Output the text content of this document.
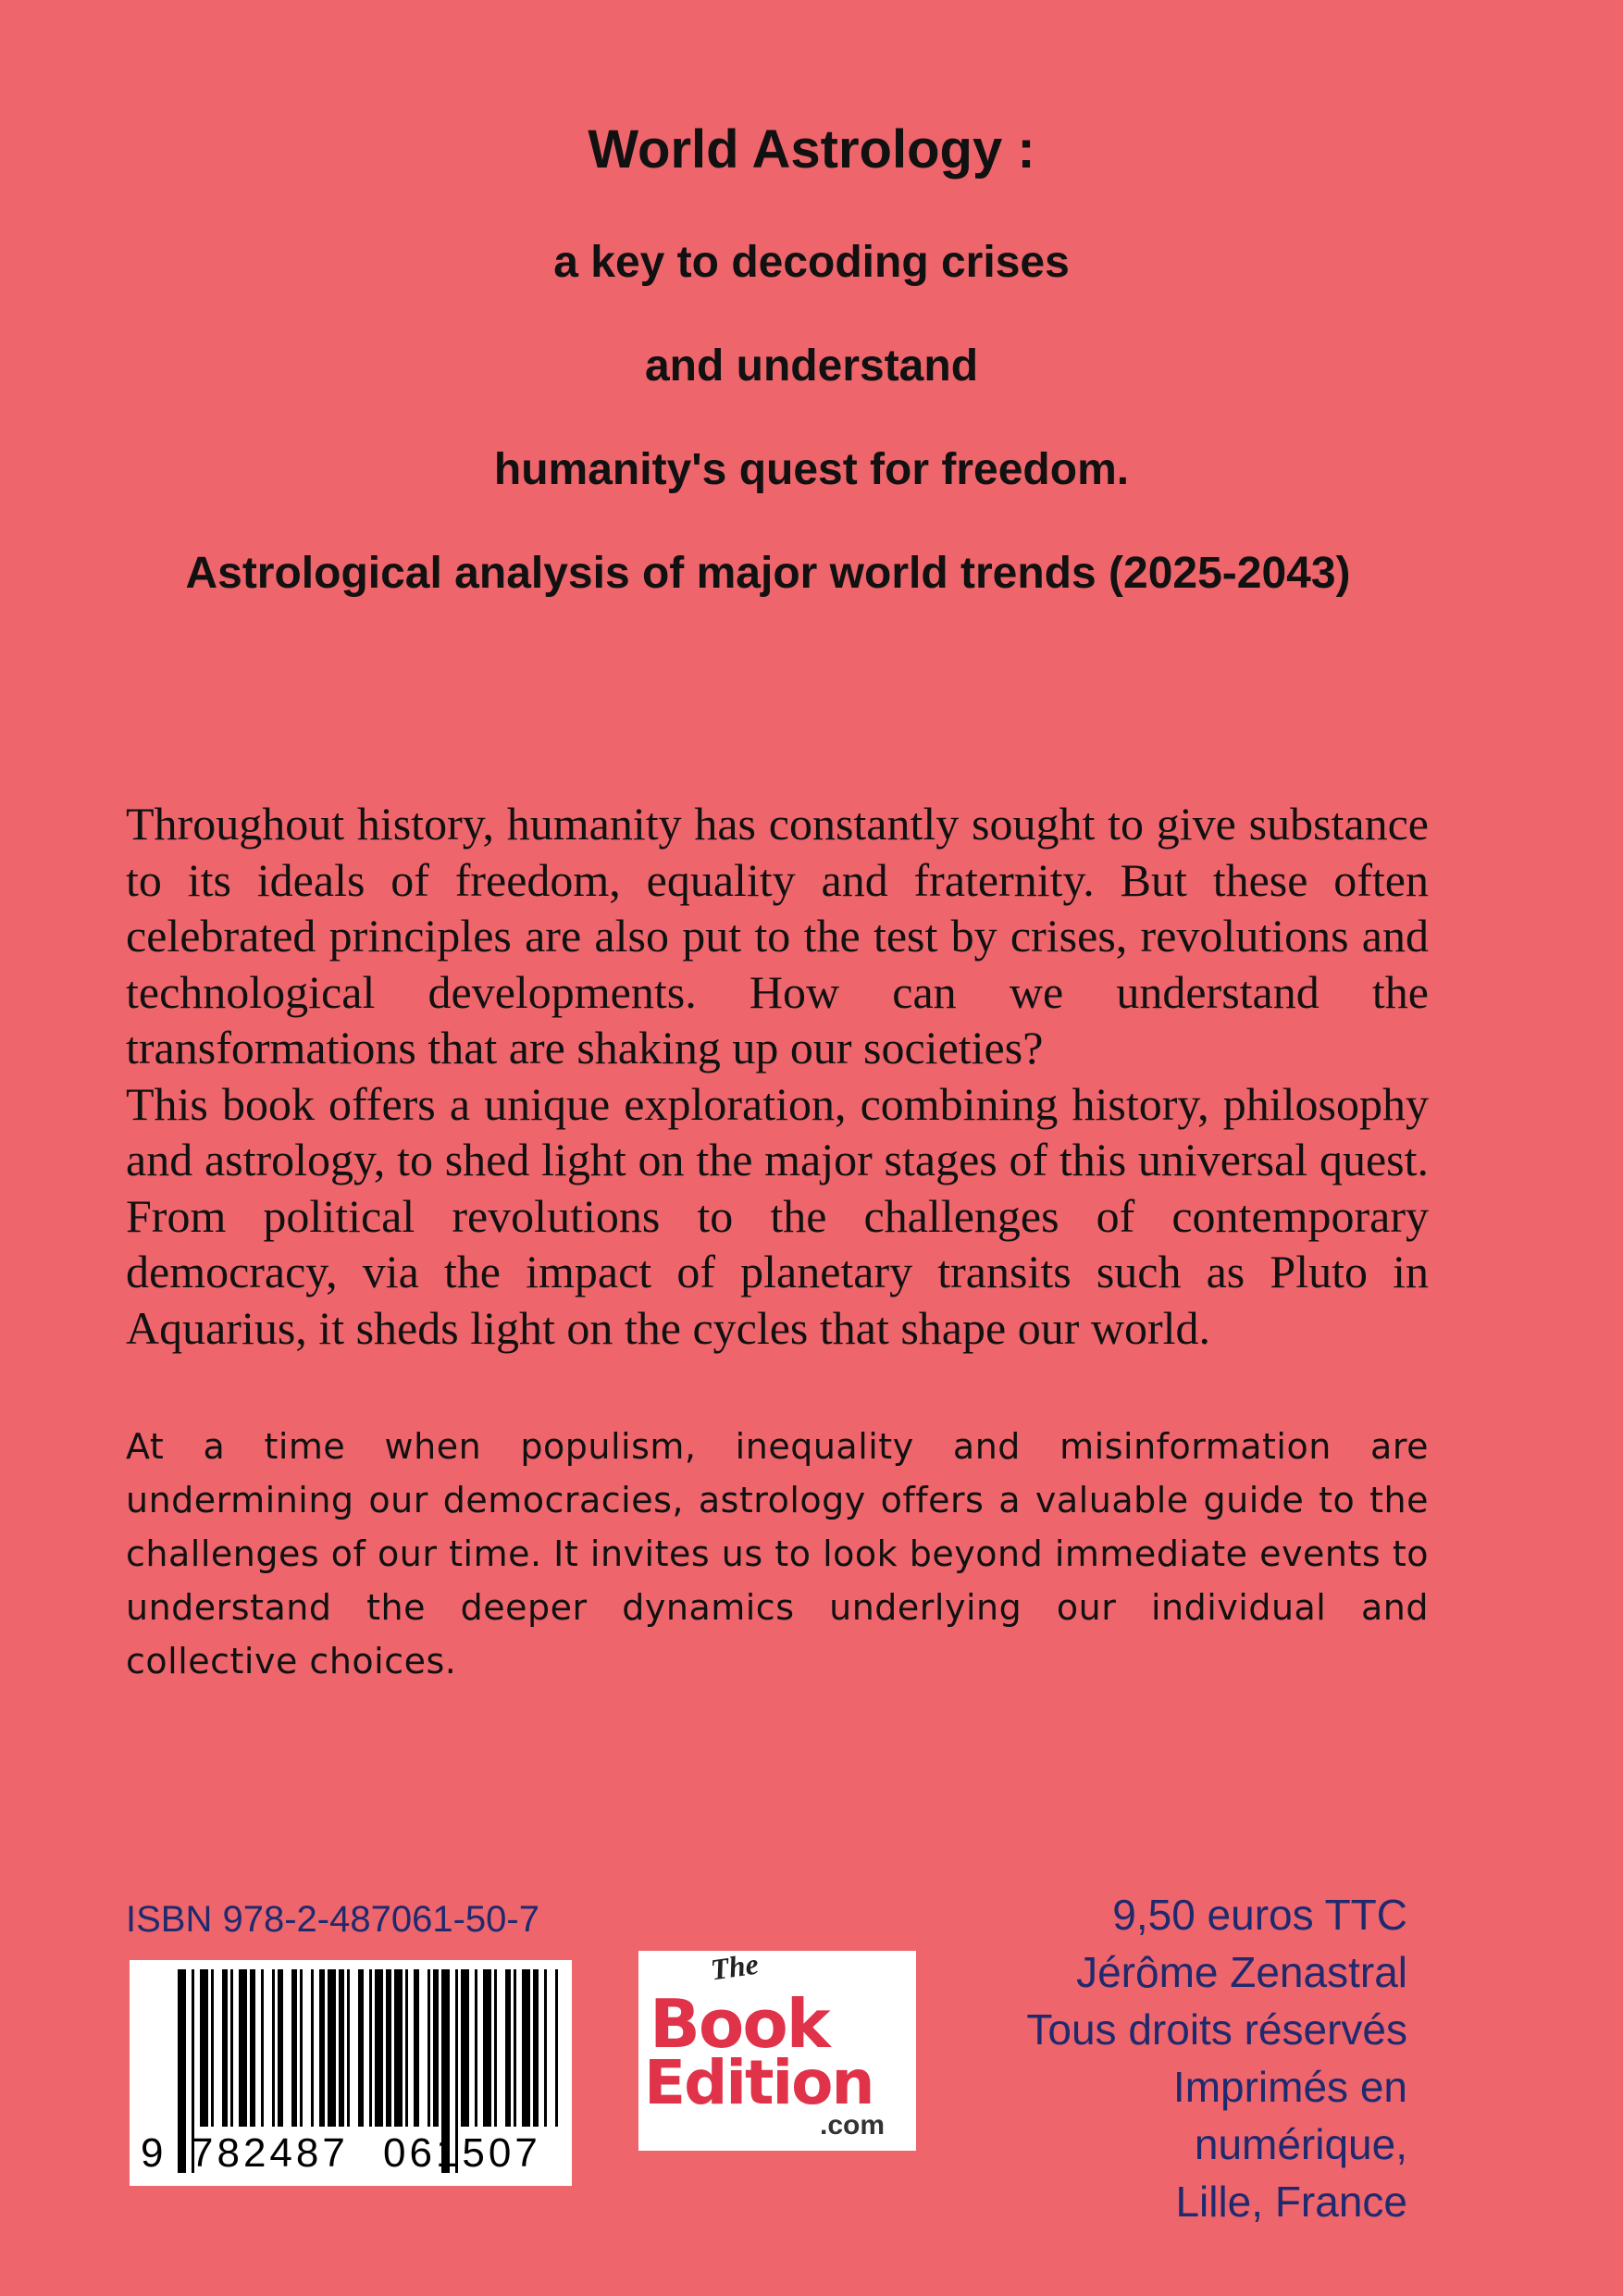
World Astrology :
a key to decoding crises
and understand
humanity's quest for freedom.
Astrological analysis of major world trends (2025-2043)

Throughout history, humanity has constantly sought to give substance to its ideals of freedom, equality and fraternity. But these often celebrated principles are also put to the test by crises, revolutions and technological developments. How can we understand the transformations that are shaking up our societies?

This book offers a unique exploration, combining history, philosophy and astrology, to shed light on the major stages of this universal quest. From political revolutions to the challenges of contemporary democracy, via the impact of planetary transits such as Pluto in Aquarius, it sheds light on the cycles that shape our world.

At a time when populism, inequality and misinformation are undermining our democracies, astrology offers a valuable guide to the challenges of our time. It invites us to look beyond immediate events to understand the deeper dynamics underlying our individual and collective choices.
ISBN 978-2-487061-50-7
9 782487 061507
The
Book
Edition
.com
9,50 euros TTC
Jérôme Zenastral
Tous droits réservés
Imprimés en
numérique,
Lille, France
